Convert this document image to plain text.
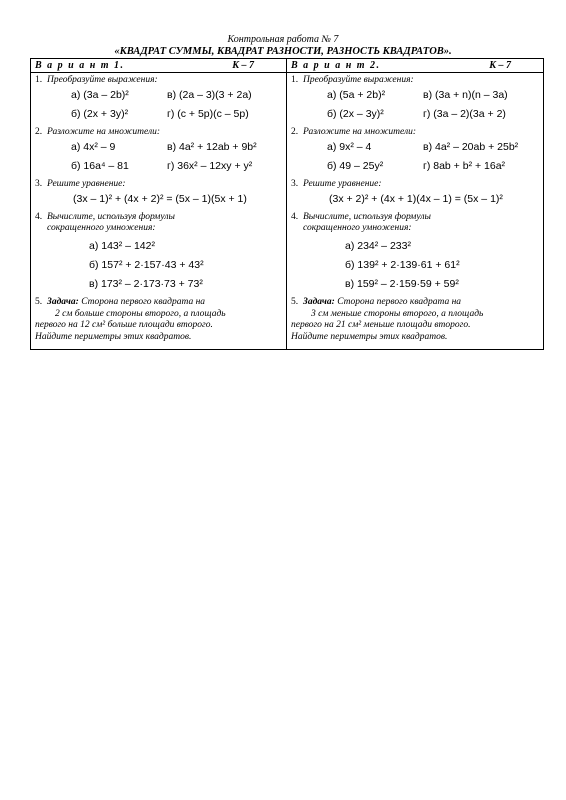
Контрольная работа № 7
«КВАДРАТ СУММЫ, КВАДРАТ РАЗНОСТИ, РАЗНОСТЬ КВАДРАТОВ».
В а р и а н т 1.	К – 7
1. Преобразуйте выражения:
а) (3a – 2b)²	в) (2a – 3)(3 + 2a)
б) (2x + 3y)²	г) (c + 5p)(c – 5p)
2. Разложите на множители:
а) 4x² – 9	в) 4a² + 12ab + 9b²
б) 16a⁴ – 81	г) 36x² – 12xy + y²
3. Решите уравнение:
(3x – 1)² + (4x + 2)² = (5x – 1)(5x + 1)
4. Вычислите, используя формулы
сокращенного умножения:
а) 143² – 142²
б) 157² + 2·157·43 + 43²
в) 173² – 2·173·73 + 73²
5. Задача: Сторона первого квадрата на
2 см больше стороны второго, а площадь
первого на 12 см² больше площади второго.
Найдите периметры этих квадратов.
В а р и а н т 2.	К – 7
1. Преобразуйте выражения:
а) (5a + 2b)²	в) (3a + n)(n – 3a)
б) (2x – 3y)²	г) (3a – 2)(3a + 2)
2. Разложите на множители:
а) 9x² – 4	в) 4a² – 20ab + 25b²
б) 49 – 25y²	г) 8ab + b² + 16a²
3. Решите уравнение:
(3x + 2)² + (4x + 1)(4x – 1) = (5x – 1)²
4. Вычислите, используя формулы
сокращенного умножения:
а) 234² – 233²
б) 139² + 2·139·61 + 61²
в) 159² – 2·159·59 + 59²
5. Задача: Сторона первого квадрата на
3 см меньше стороны второго, а площадь
первого на 21 см² меньше площади второго.
Найдите периметры этих квадратов.
